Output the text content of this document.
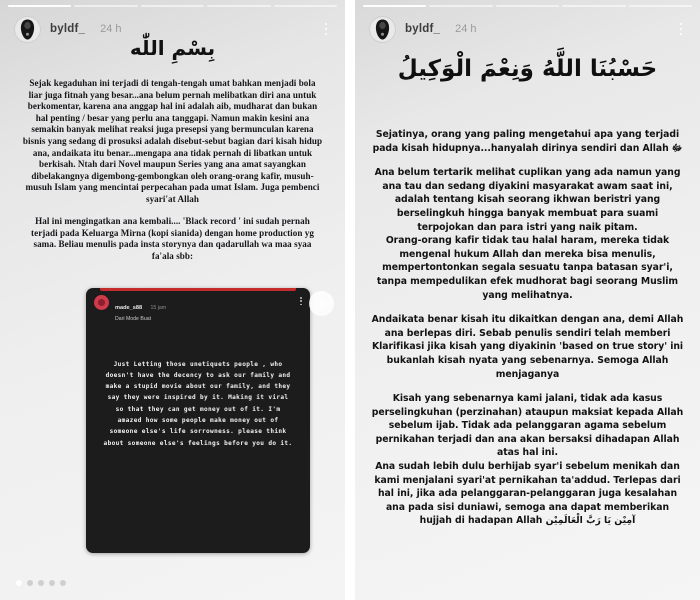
byldf_ 24 h
بِسْمِ اللّٰه

Sejak kegaduhan ini terjadi di tengah-tengah umat bahkan menjadi bola liar juga fitnah yang besar...ana belum pernah melibatkan diri ana untuk berkomentar, karena ana anggap hal ini adalah aib, mudharat dan bukan hal penting / besar yang perlu ana tanggapi. Namun makin kesini ana semakin banyak melihat reaksi juga presepsi yang bermunculan karena bisnis yang sedang di prosuksi adalah disebut-sebut bagian dari kisah hidup ana, andaikata itu benar...mengapa ana tidak pernah di libatkan untuk berkisah. Ntah dari Novel maupun Series yang ana amat sayangkan dibelakangnya digembong-gembongkan oleh orang-orang kafir, musuh-musuh Islam yang mencintai perpecahan pada umat Islam. Juga pembenci syari'at Allah

Hal ini mengingatkan ana kembali.... 'Black record ' ini sudah pernah terjadi pada Keluarga Mirna (kopi sianida) dengan home production yg sama. Beliau menulis pada insta storynya dan qadarullah wa maa syaa fa'ala sbb:

made_s88 15 jam
Dari Mode Buat
Just Letting those unetiquets people , who doesn't have the decency to ask our family and make a stupid movie about our family, and they say they were inspired by it. Making it viral so that they can get money out of it. I'm amazed how some people make money out of someone else's life sorrowness. please think about someone else's feelings before you do it.
byldf_ 24 h
حَسْبُنَا اللَّهُ وَنِعْمَ الْوَكِيلُ

Sejatinya, orang yang paling mengetahui apa yang terjadi pada kisah hidupnya...hanyalah dirinya sendiri dan Allah ﷻ

Ana belum tertarik melihat cuplikan yang ada namun yang ana tau dan sedang diyakini masyarakat awam saat ini, adalah tentang kisah seorang ikhwan beristri yang berselingkuh hingga banyak membuat para suami terpojokan dan para istri yang naik pitam.

Orang-orang kafir tidak tau halal haram, mereka tidak mengenal hukum Allah dan mereka bisa menulis, mempertontonkan segala sesuatu tanpa batasan syar'i, tanpa mempedulikan efek mudhorat bagi seorang Muslim yang melihatnya.

Andaikata benar kisah itu dikaitkan dengan ana, demi Allah ana berlepas diri. Sebab penulis sendiri telah memberi Klarifikasi jika kisah yang diyakinin 'based on true story' ini bukanlah kisah nyata yang sebenarnya. Semoga Allah menjaganya

Kisah yang sebenarnya kami jalani, tidak ada kasus perselingkuhan (perzinahan) ataupun maksiat kepada Allah sebelum ijab. Tidak ada pelanggaran agama sebelum pernikahan terjadi dan ana akan bersaksi dihadapan Allah atas hal ini.

Ana sudah lebih dulu berhijab syar'i sebelum menikah dan kami menjalani syari'at pernikahan ta'addud. Terlepas dari hal ini, jika ada pelanggaran-pelanggaran juga kesalahan ana pada sisi duniawi, semoga ana dapat memberikan hujjah di hadapan Allah آمِيْن يَا رَبَّ الْعَالَمِيْن
